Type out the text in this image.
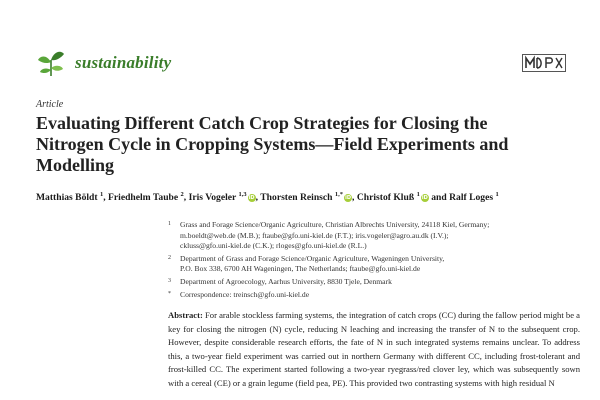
sustainability
Article
Evaluating Different Catch Crop Strategies for Closing the Nitrogen Cycle in Cropping Systems—Field Experiments and Modelling
Matthias Böldt $^1$, Friedhelm Taube $^2$, Iris Vogeler $^{1,3}$iD, Thorsten Reinsch $^{1,*}$iD, Christof Kluß $^1$iD and Ralf Loges $^1$
1 Grass and Forage Science/Organic Agriculture, Christian Albrechts University, 24118 Kiel, Germany;
m.boeldt@web.de (M.B.); ftaube@gfo.uni-kiel.de (F.T.); iris.vogeler@agro.au.dk (I.V.);
ckluss@gfo.uni-kiel.de (C.K.); rloges@gfo.uni-kiel.de (R.L.)
2 Department of Grass and Forage Science/Organic Agriculture, Wageningen University,
P.O. Box 338, 6700 AH Wageningen, The Netherlands; ftaube@gfo.uni-kiel.de
3 Department of Agroecology, Aarhus University, 8830 Tjele, Denmark
* Correspondence: treinsch@gfo.uni-kiel.de

Abstract: For arable stockless farming systems, the integration of catch crops (CC) during the fallow period might be a key for closing the nitrogen (N) cycle, reducing N leaching and increasing the transfer of N to the subsequent crop. However, despite considerable research efforts, the fate of N in such integrated systems remains unclear. To address this, a two-year field experiment was carried out in northern Germany with different CC, including frost-tolerant and frost-killed CC. The experiment started following a two-year ryegrass/red clover ley, which was subsequently sown with a cereal (CE) or a grain legume (field pea, PE). This provided two contrasting systems with high residual N
